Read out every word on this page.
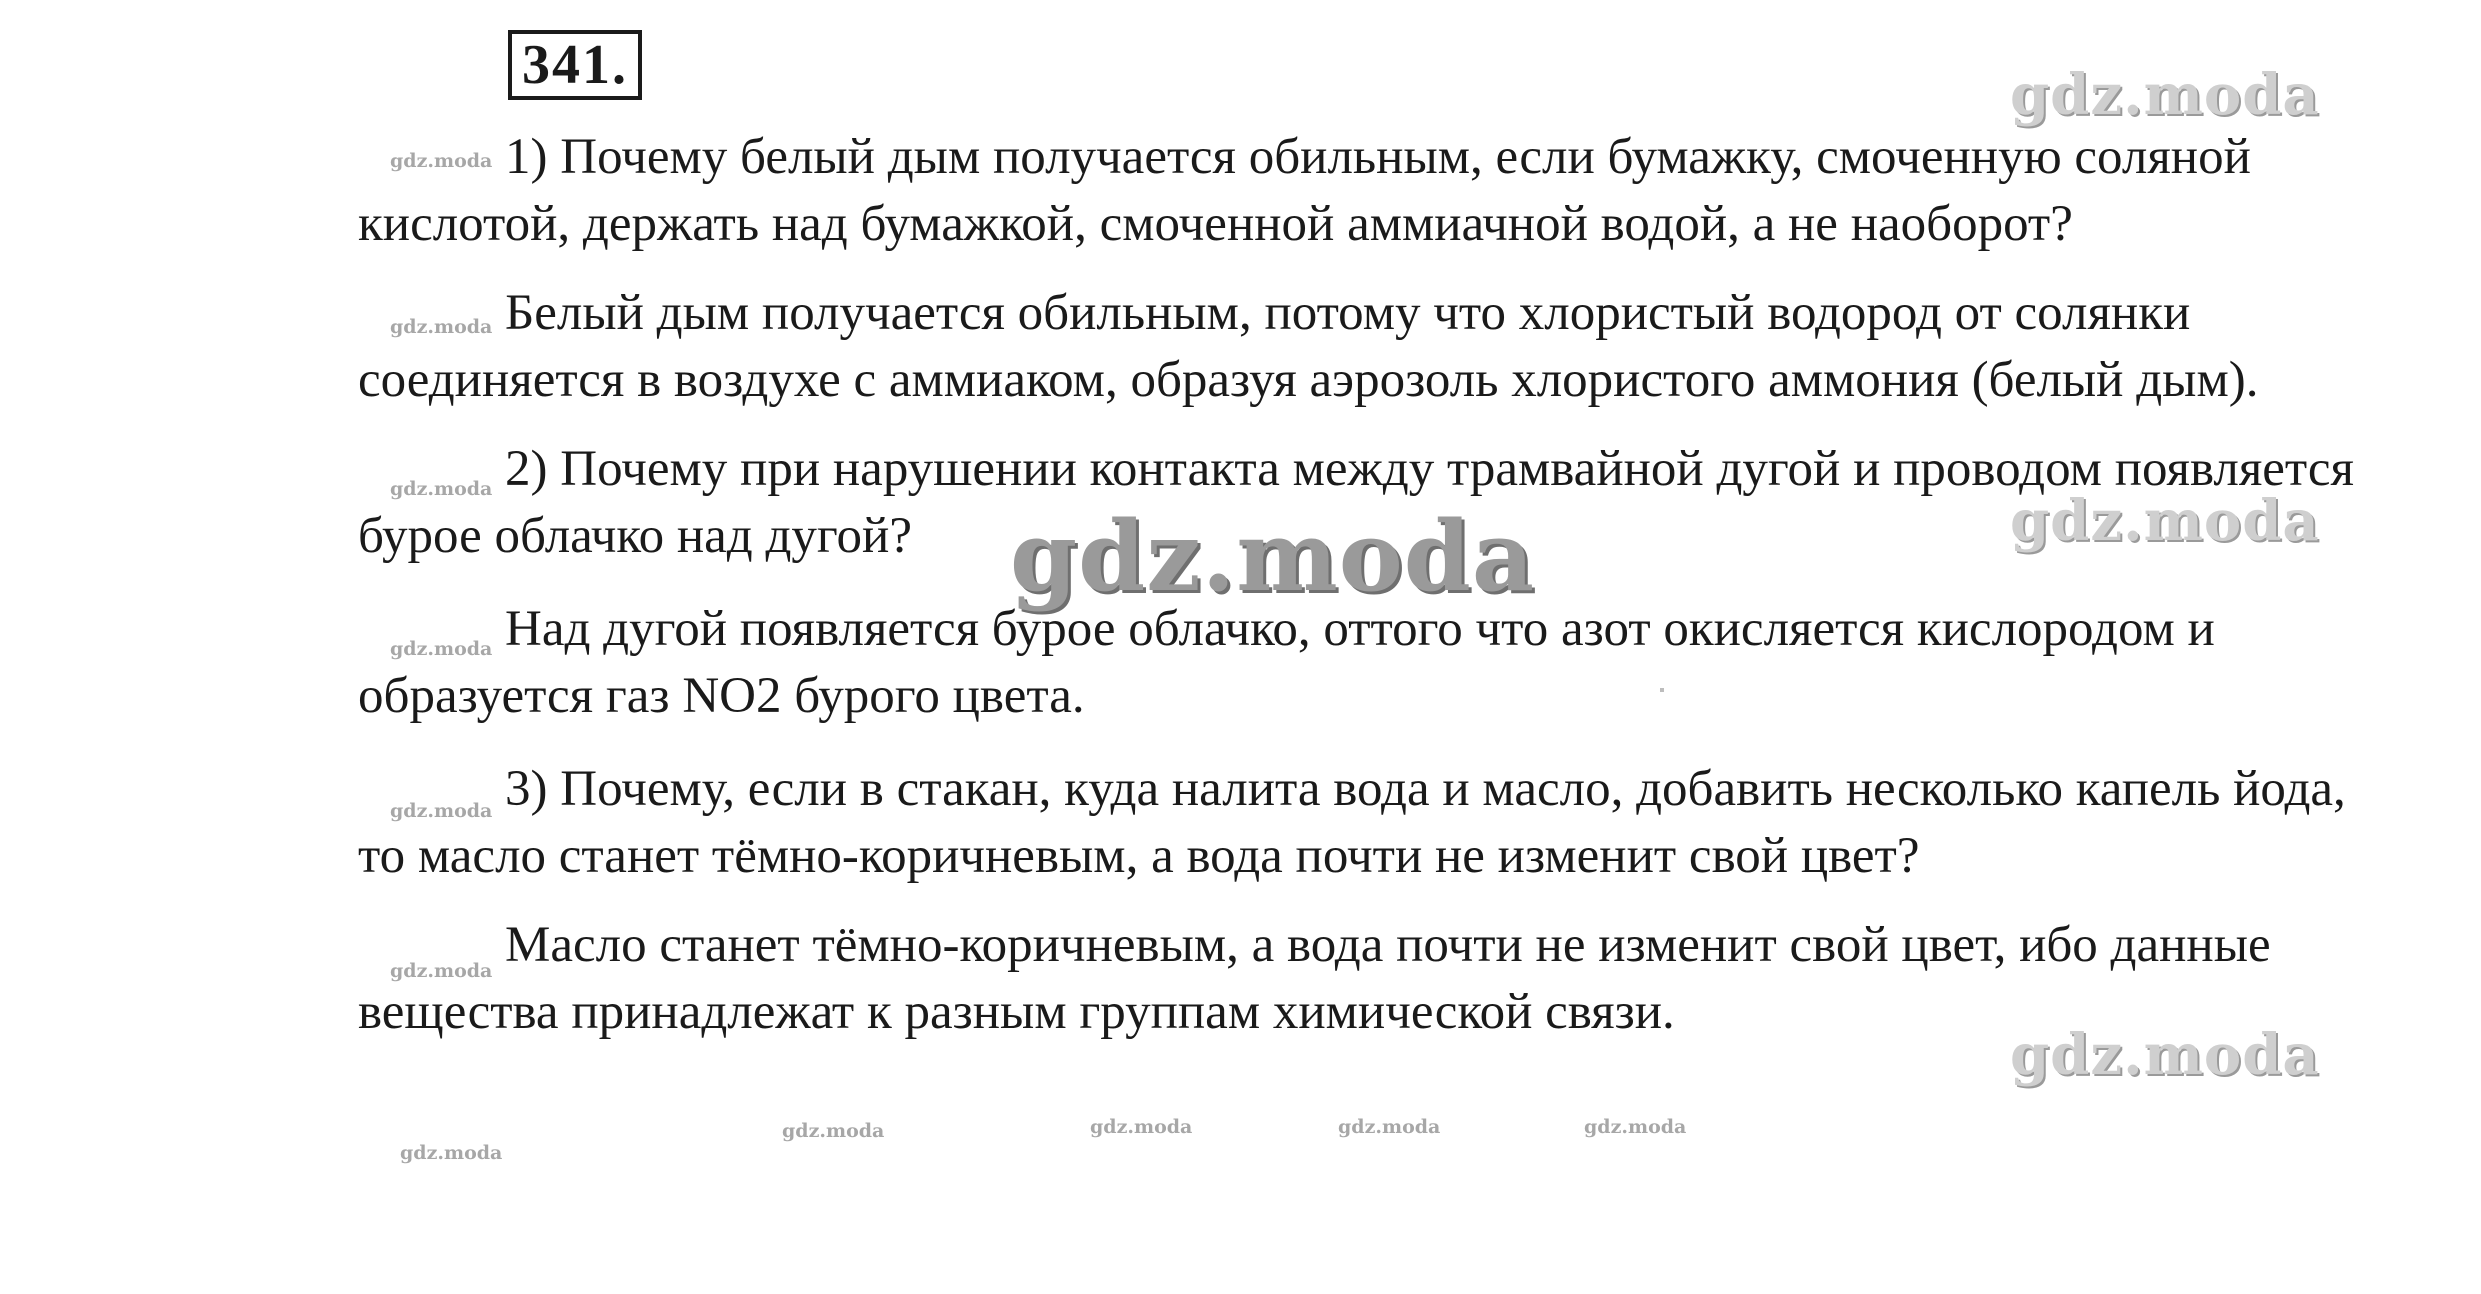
341.

1) Почему белый дым получается обильным, если бумажку, смоченную соляной кислотой, держать над бумажкой, смоченной аммиачной водой, а не наоборот?

Белый дым получается обильным, потому что хлористый водород от солянки соединяется в воздухе с аммиаком, образуя аэрозоль хлористого аммония (белый дым).

2) Почему при нарушении контакта между трамвайной дугой и проводом появляется бурое облачко над дугой?

Над дугой появляется бурое облачко, оттого что азот окисляется кислородом и образуется газ NO2 бурого цвета.

3) Почему, если в стакан, куда налита вода и масло, добавить несколько капель йода, то масло станет тёмно-коричневым, а вода почти не изменит свой цвет?

Масло станет тёмно-коричневым, а вода почти не изменит свой цвет, ибо данные вещества принадлежат к разным группам химической связи.

gdz.moda
gdz.moda
gdz.moda
gdz.moda
gdz.moda
gdz.moda
gdz.moda
gdz.moda
gdz.moda
gdz.moda
gdz.moda
gdz.moda	gdz.moda	gdz.moda	gdz.moda
